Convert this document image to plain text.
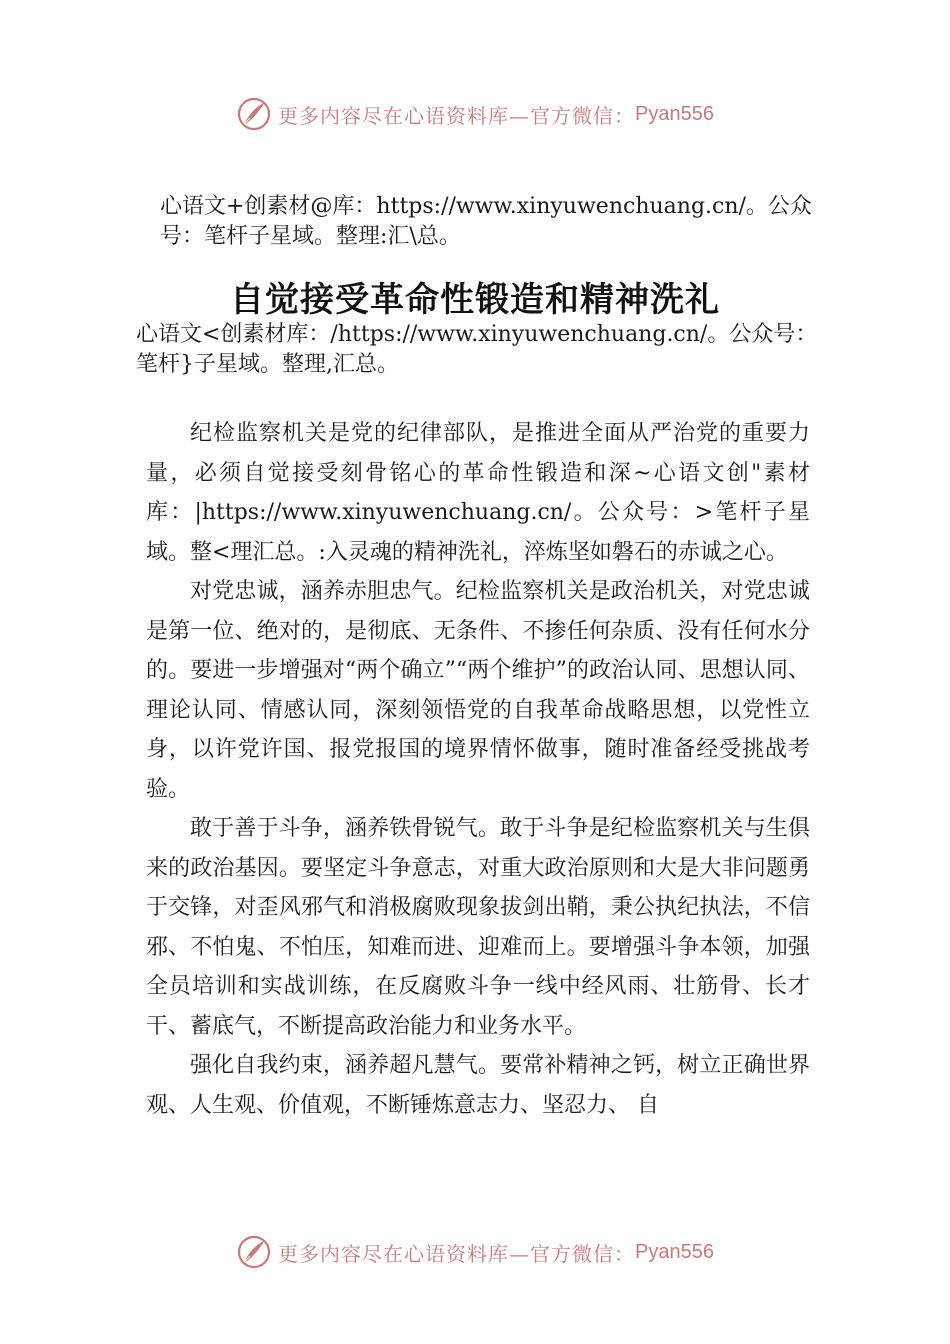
更多内容尽在心语资料库—官方微信： Pyan556
心语文+创素材@库：https://www.xinyuwenchuang.cn/。公众号：笔杆子星域。整理:汇\总。
自觉接受革命性锻造和精神洗礼
心语文<创素材库：/https://www.xinyuwenchuang.cn/。公众号：笔杆}子星域。整理,汇总。

纪检监察机关是党的纪律部队，是推进全面从严治党的重要力量，必须自觉接受刻骨铭心的革命性锻造和深~心语文创"素材库：|https://www.xinyuwenchuang.cn/。公众号：>笔杆子星域。整<理汇总。:入灵魂的精神洗礼，淬炼坚如磐石的赤诚之心。

对党忠诚，涵养赤胆忠气。纪检监察机关是政治机关，对党忠诚是第一位、绝对的，是彻底、无条件、不掺任何杂质、没有任何水分的。要进一步增强对“两个确立”“两个维护”的政治认同、思想认同、理论认同、情感认同，深刻领悟党的自我革命战略思想，以党性立身，以许党许国、报党报国的境界情怀做事，随时准备经受挑战考验。

敢于善于斗争，涵养铁骨锐气。敢于斗争是纪检监察机关与生俱来的政治基因。要坚定斗争意志，对重大政治原则和大是大非问题勇于交锋，对歪风邪气和消极腐败现象拔剑出鞘，秉公执纪执法，不信邪、不怕鬼、不怕压，知难而进、迎难而上。要增强斗争本领，加强全员培训和实战训练，在反腐败斗争一线中经风雨、壮筋骨、长才干、蓄底气，不断提高政治能力和业务水平。

强化自我约束，涵养超凡慧气。要常补精神之钙，树立正确世界观、人生观、价值观，不断锤炼意志力、坚忍力、 自

更多内容尽在心语资料库—官方微信： Pyan556
